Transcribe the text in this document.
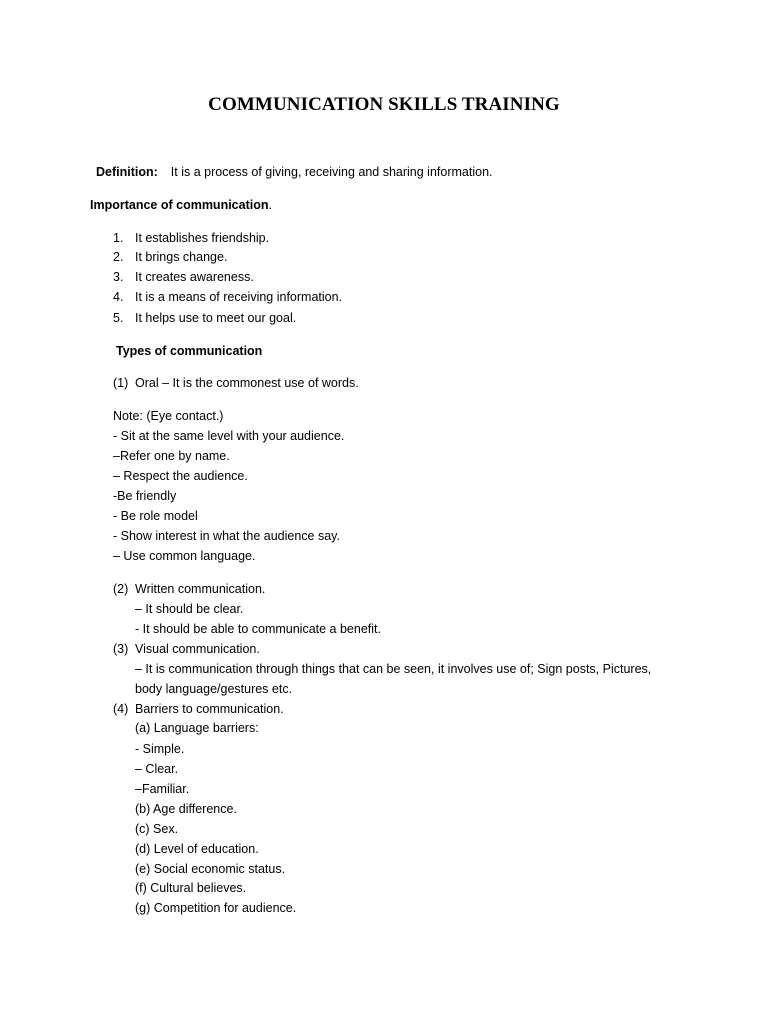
COMMUNICATION SKILLS TRAINING
Definition: It is a process of giving, receiving and sharing information.
Importance of communication.
1. It establishes friendship.
2. It brings change.
3. It creates awareness.
4. It is a means of receiving information.
5. It helps use to meet our goal.
Types of communication
(1) Oral – It is the commonest use of words.
Note: (Eye contact.)
- Sit at the same level with your audience.
–Refer one by name.
– Respect the audience.
-Be friendly
- Be role model
- Show interest in what the audience say.
– Use common language.
(2) Written communication.
– It should be clear.
- It should be able to communicate a benefit.
(3) Visual communication.
– It is communication through things that can be seen, it involves use of; Sign posts, Pictures,
body language/gestures etc.
(4) Barriers to communication.
(a) Language barriers:
- Simple.
– Clear.
–Familiar.
(b) Age difference.
(c) Sex.
(d) Level of education.
(e) Social economic status.
(f) Cultural believes.
(g) Competition for audience.
